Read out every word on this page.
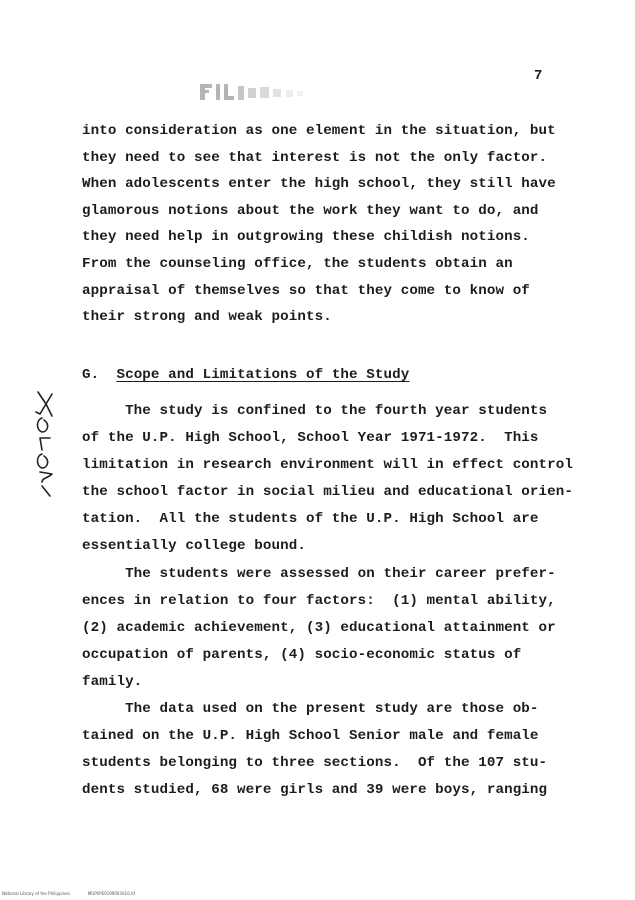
7
into consideration as one element in the situation, but
they need to see that interest is not the only factor.
When adolescents enter the high school, they still have
glamorous notions about the work they want to do, and
they need help in outgrowing these childish notions.
From the counseling office, the students obtain an
appraisal of themselves so that they come to know of
their strong and weak points.
G. Scope and Limitations of the Study
The study is confined to the fourth year students
of the U.P. High School, School Year 1971-1972.  This
limitation in research environment will in effect control
the school factor in social milieu and educational orien-
tation.  All the students of the U.P. High School are
essentially college bound.
The students were assessed on their career prefer-
ences in relation to four factors:  (1) mental ability,
(2) academic achievement, (3) educational attainment or
occupation of parents, (4) socio-economic status of
family.
The data used on the present study are those ob-
tained on the U.P. High School Senior male and female
students belonging to three sections.  Of the 107 stu-
dents studied, 68 were girls and 39 were boys, ranging
National Library of the Philippines	MGP0PE0199003010.tif
